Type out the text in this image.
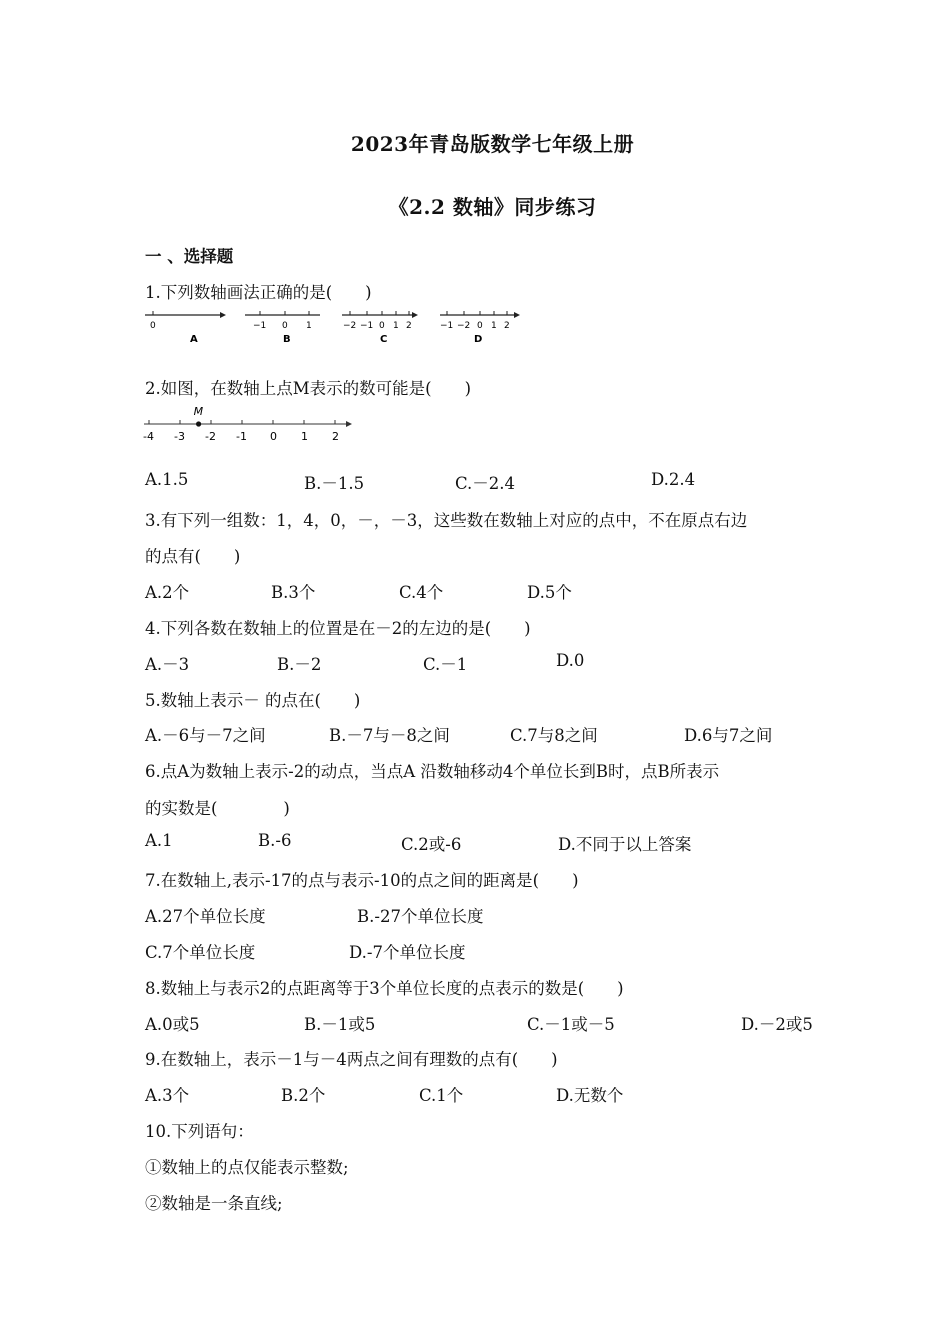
2023年青岛版数学七年级上册
《2.2 数轴》同步练习
一 、选择题
1.下列数轴画法正确的是(　　)
0
A
−1 0 1
B
−2 −1 0 1 2
C
−1 −2 0 1 2
D
2.如图，在数轴上点M表示的数可能是(　　)
-4 -3 -2 -1 0 1 2
M
A.1.5	B.－1.5	C.－2.4	D.2.4
3.有下列一组数：1，4，0，－，－3，这些数在数轴上对应的点中，不在原点右边
的点有(　　)
A.2个	B.3个	C.4个	D.5个
4.下列各数在数轴上的位置是在－2的左边的是(　　)
A.－3	B.－2	C.－1	D.0
5.数轴上表示－ 的点在(　　)
A.－6与－7之间	B.－7与－8之间	C.7与8之间	D.6与7之间
6.点A为数轴上表示-2的动点，当点A 沿数轴移动4个单位长到B时，点B所表示
的实数是(　　　　)
A.1	B.-6	C.2或-6	D.不同于以上答案
7.在数轴上,表示-17的点与表示-10的点之间的距离是(　　)
A.27个单位长度	B.-27个单位长度
C.7个单位长度	D.-7个单位长度
8.数轴上与表示2的点距离等于3个单位长度的点表示的数是(　　)
A.0或5	B.－1或5	C.－1或－5	D.－2或5
9.在数轴上，表示－1与－4两点之间有理数的点有(　　)
A.3个	B.2个	C.1个	D.无数个
10.下列语句：
①数轴上的点仅能表示整数;
②数轴是一条直线;
